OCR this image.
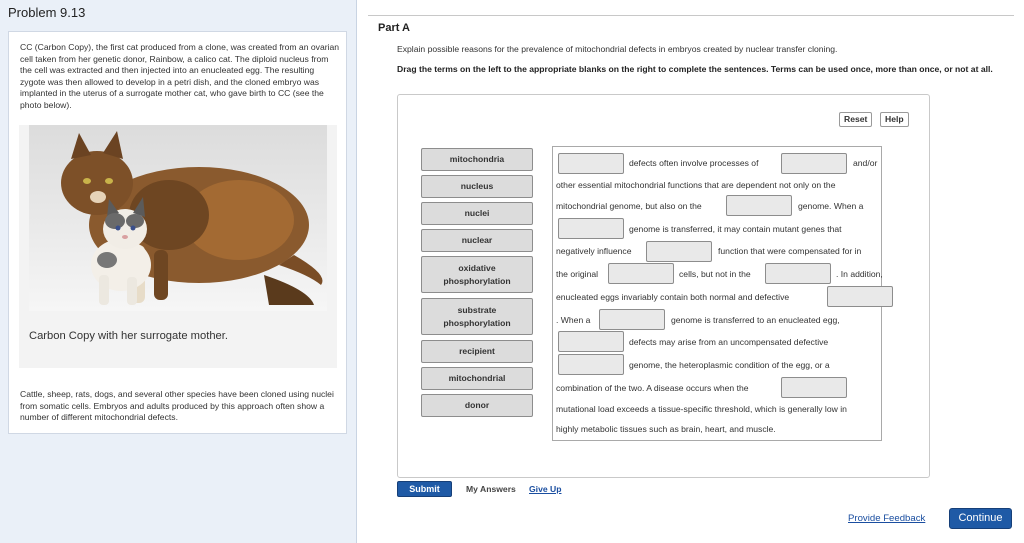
Problem 9.13
CC (Carbon Copy), the first cat produced from a clone, was created from an ovarian cell taken from her genetic donor, Rainbow, a calico cat. The diploid nucleus from the cell was extracted and then injected into an enucleated egg. The resulting zygote was then allowed to develop in a petri dish, and the cloned embryo was implanted in the uterus of a surrogate mother cat, who gave birth to CC (see the photo below).
Carbon Copy with her surrogate mother.
Cattle, sheep, rats, dogs, and several other species have been cloned using nuclei from somatic cells. Embryos and adults produced by this approach often show a number of different mitochondrial defects.
Part A
Explain possible reasons for the prevalence of mitochondrial defects in embryos created by nuclear transfer cloning.
Drag the terms on the left to the appropriate blanks on the right to complete the sentences. Terms can be used once, more than once, or not at all.
Reset	Help
mitochondria
nucleus
nuclei
nuclear
oxidative
phosphorylation
substrate
phosphorylation
recipient
mitochondrial
donor
defects often involve processes of	and/or
other essential mitochondrial functions that are dependent not only on the
mitochondrial genome, but also on the	genome. When a
genome is transferred, it may contain mutant genes that
negatively influence	function that were compensated for in
the original	cells, but not in the	. In addition,
enucleated eggs invariably contain both normal and defective
. When a	genome is transferred to an enucleated egg,
defects may arise from an uncompensated defective
genome, the heteroplasmic condition of the egg, or a
combination of the two. A disease occurs when the
mutational load exceeds a tissue-specific threshold, which is generally low in
highly metabolic tissues such as brain, heart, and muscle.
Submit	My Answers Give Up
Provide Feedback	Continue
